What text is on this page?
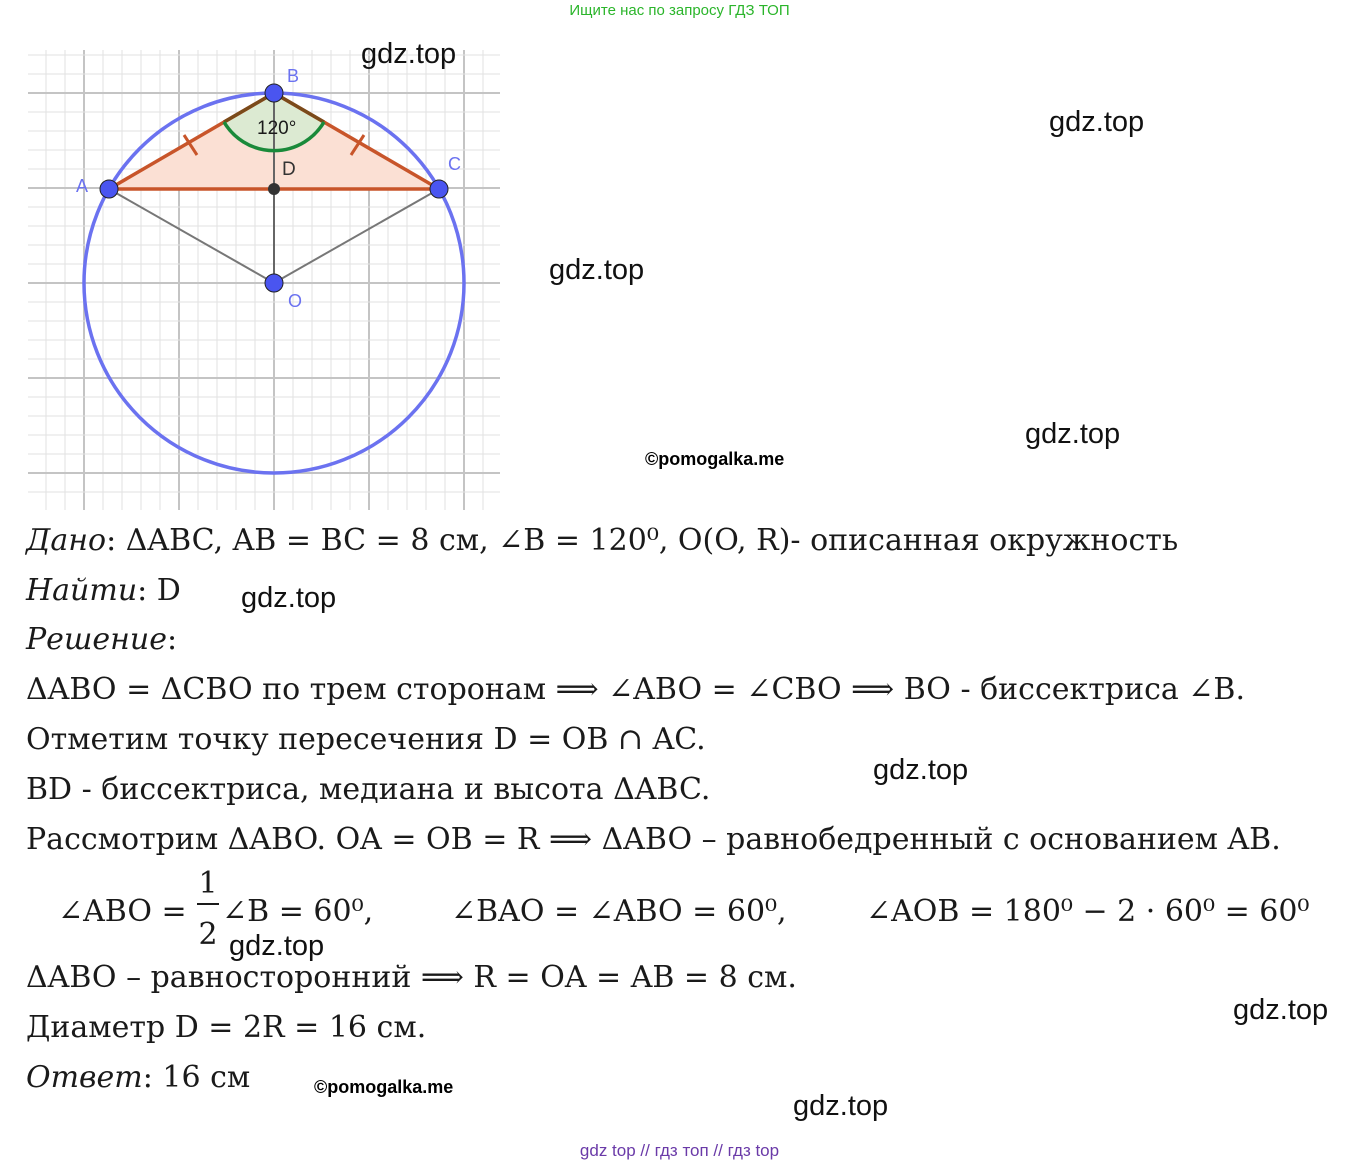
Ищите нас по запросу ГДЗ ТОП
A
B
C
D
O
120°
gdz.top
gdz.top
gdz.top
gdz.top
gdz.top
gdz.top
gdz.top
gdz.top
gdz.top
©pomogalka.me
©pomogalka.me
Дано: ΔABC, AB = BC = 8 см, ∠B = 120⁰, O(O, R)- описанная окружность
Найти: D
Решение:
ΔABO = ΔCBO по трем сторонам ⟹ ∠ABO = ∠CBO ⟹ BO - биссектриса ∠B.
Отметим точку пересечения D = OB ∩ AC.
BD - биссектриса, медиана и высота ΔABC.
Рассмотрим ΔABO. OA = OB = R ⟹ ΔABO – равнобедренный с основанием AB.
∠ABO =
1
2
∠B = 60⁰,	∠BAO = ∠ABO = 60⁰,	∠AOB = 180⁰ − 2 · 60⁰ = 60⁰
ΔABO – равносторонний ⟹ R = OA = AB = 8 см.
Диаметр D = 2R = 16 см.
Ответ: 16 см
gdz top // гдз топ // гдз top
